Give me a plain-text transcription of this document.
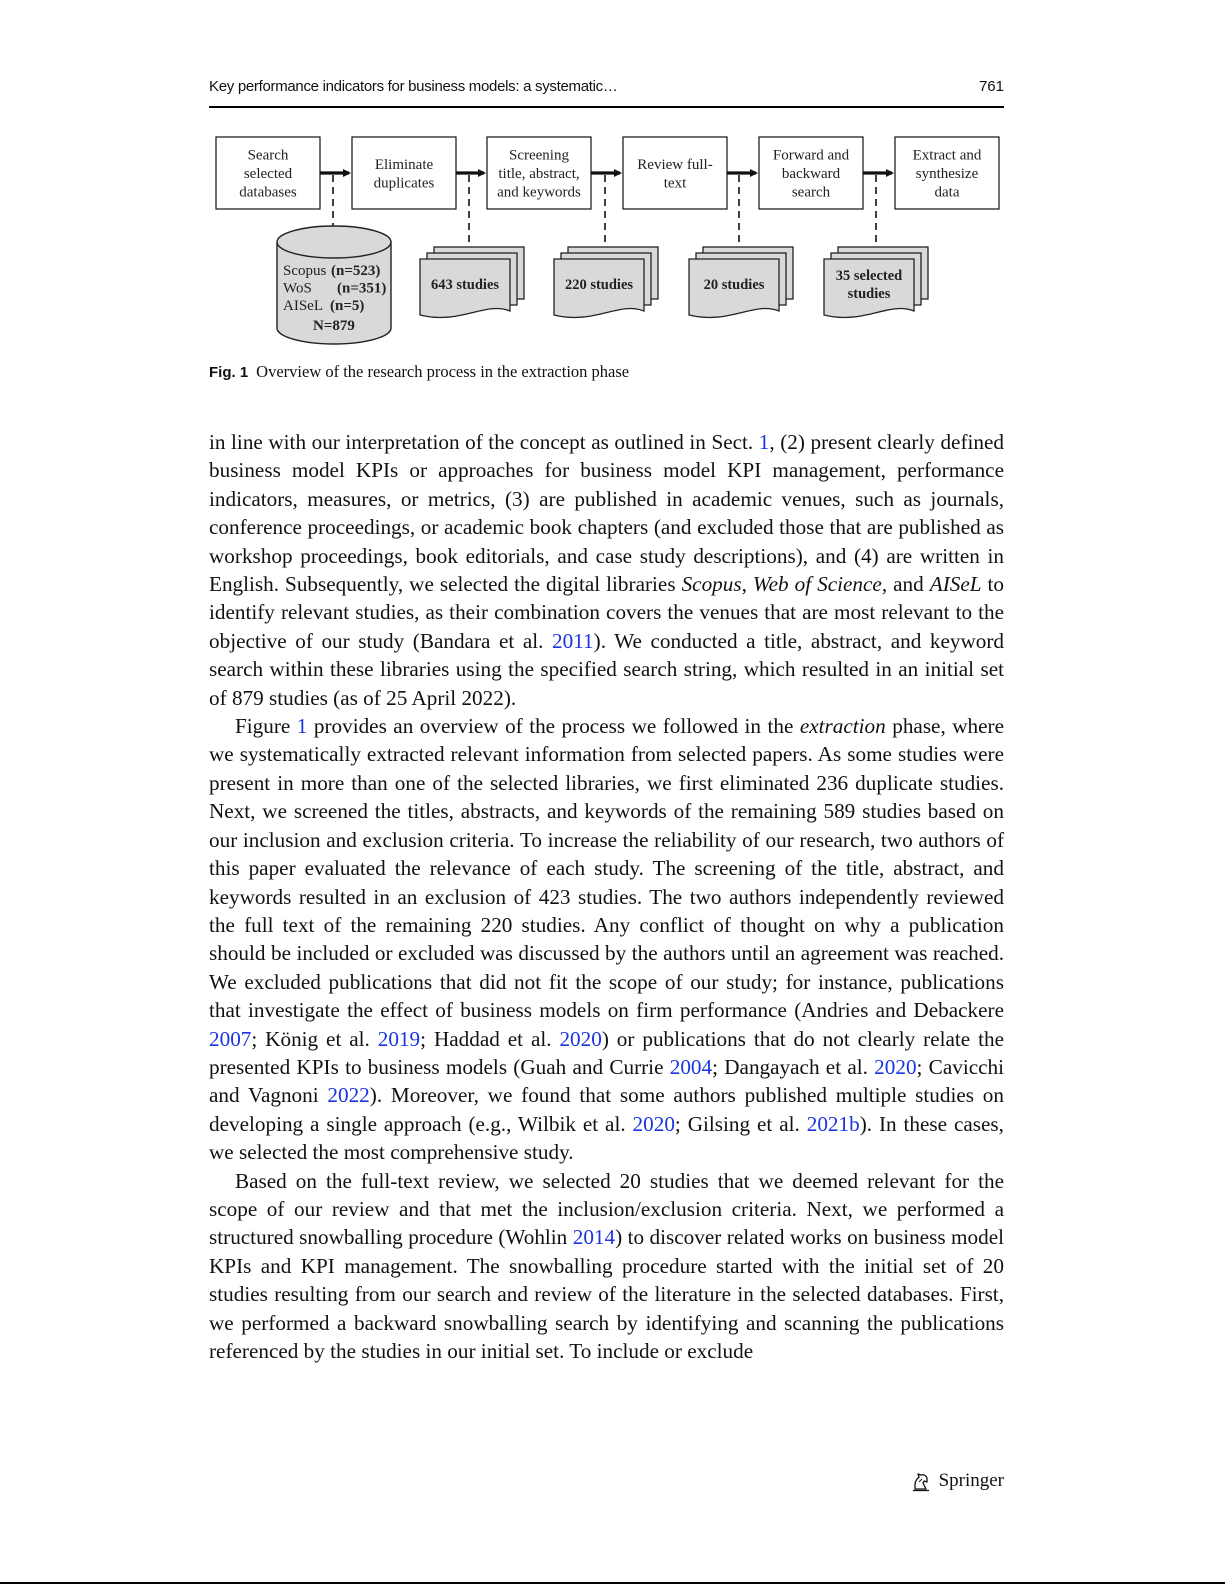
Key performance indicators for business models: a systematic…	761
Search
selected
databases
Eliminate
duplicates
Screening
title, abstract,
and keywords
Review full-
text
Forward and
backward
search
Extract and
synthesize
data
Scopus (n=523)
WoS (n=351)
AISeL (n=5)
N=879
643 studies	220 studies	20 studies
35 selected
studies
Fig. 1 Overview of the research process in the extraction phase

in line with our interpretation of the concept as outlined in Sect. 1, (2) present clearly defined business model KPIs or approaches for business model KPI management, performance indicators, measures, or metrics, (3) are published in academic venues, such as journals, conference proceedings, or academic book chapters (and excluded those that are published as workshop proceedings, book editorials, and case study descriptions), and (4) are written in English. Subsequently, we selected the digital libraries Scopus, Web of Science, and AISeL to identify relevant studies, as their combination covers the venues that are most relevant to the objective of our study (Bandara et al. 2011). We conducted a title, abstract, and keyword search within these libraries using the specified search string, which resulted in an initial set of 879 studies (as of 25 April 2022).

Figure 1 provides an overview of the process we followed in the extraction phase, where we systematically extracted relevant information from selected papers. As some studies were present in more than one of the selected libraries, we first eliminated 236 duplicate studies. Next, we screened the titles, abstracts, and keywords of the remaining 589 studies based on our inclusion and exclusion criteria. To increase the reliability of our research, two authors of this paper evaluated the relevance of each study. The screening of the title, abstract, and keywords resulted in an exclusion of 423 studies. The two authors independently reviewed the full text of the remaining 220 studies. Any conflict of thought on why a publication should be included or excluded was discussed by the authors until an agreement was reached. We excluded publications that did not fit the scope of our study; for instance, publications that investigate the effect of business models on firm performance (Andries and Debackere 2007; König et al. 2019; Haddad et al. 2020) or publications that do not clearly relate the presented KPIs to business models (Guah and Currie 2004; Dangayach et al. 2020; Cavicchi and Vagnoni 2022). Moreover, we found that some authors published multiple studies on developing a single approach (e.g., Wilbik et al. 2020; Gilsing et al. 2021b). In these cases, we selected the most comprehensive study.

Based on the full-text review, we selected 20 studies that we deemed relevant for the scope of our review and that met the inclusion/exclusion criteria. Next, we performed a structured snowballing procedure (Wohlin 2014) to discover related works on business model KPIs and KPI management. The snowballing procedure started with the initial set of 20 studies resulting from our search and review of the literature in the selected databases. First, we performed a backward snowballing search by identifying and scanning the publications referenced by the studies in our initial set. To include or exclude

Springer
